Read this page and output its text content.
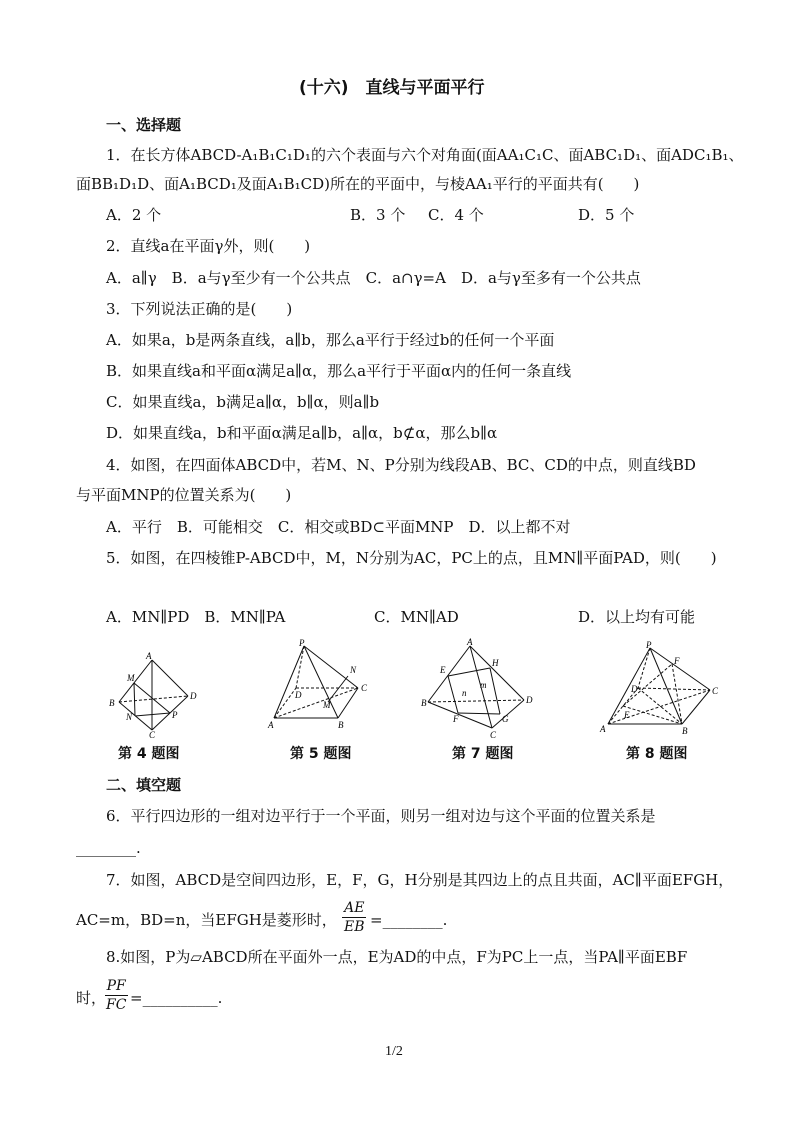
(十六)　直线与平面平行
一、选择题
1．在长方体ABCD-A₁B₁C₁D₁的六个表面与六个对角面(面AA₁C₁C、面ABC₁D₁、面ADC₁B₁、
面BB₁D₁D、面A₁BCD₁及面A₁B₁CD)所在的平面中，与棱AA₁平行的平面共有(　　)
A．2 个	B．3 个 C．4 个	D．5 个
2．直线a在平面γ外，则(　　)
A．a∥γ　B．a与γ至少有一个公共点　C．a∩γ=A　D．a与γ至多有一个公共点
3．下列说法正确的是(　　)
A．如果a，b是两条直线，a∥b，那么a平行于经过b的任何一个平面
B．如果直线a和平面α满足a∥α，那么a平行于平面α内的任何一条直线
C．如果直线a，b满足a∥α，b∥α，则a∥b
D．如果直线a，b和平面α满足a∥b，a∥α，b⊄α，那么b∥α
4．如图，在四面体ABCD中，若M、N、P分别为线段AB、BC、CD的中点，则直线BD
与平面MNP的位置关系为(　　)
A．平行　B．可能相交　C．相交或BD⊂平面MNP　D．以上都不对
5．如图，在四棱锥P-ABCD中，M，N分别为AC，PC上的点，且MN∥平面PAD，则(　　)
A．MN∥PD　B．MN∥PA	C．MN∥AD	D．以上均有可能
A
M
B
N
C
P
D
第 4 题图
P
N
C
D
M
A	B
第 5 题图
A
E
H
m
n
B
F	G
C
D
第 7 题图
P
F
D	C
E
A	B
第 8 题图
二、填空题
6．平行四边形的一组对边平行于一个平面，则另一组对边与这个平面的位置关系是
________.
7．如图，ABCD是空间四边形，E，F，G，H分别是其四边上的点且共面，AC∥平面EFGH，
AC=m，BD=n，当EFGH是菱形时， $\frac{AE}{EB}$ =________.
8.如图，P为▱ABCD所在平面外一点，E为AD的中点，F为PC上一点，当PA∥平面EBF
时，
$\frac{PF}{FC}$ =__________.
1/2
